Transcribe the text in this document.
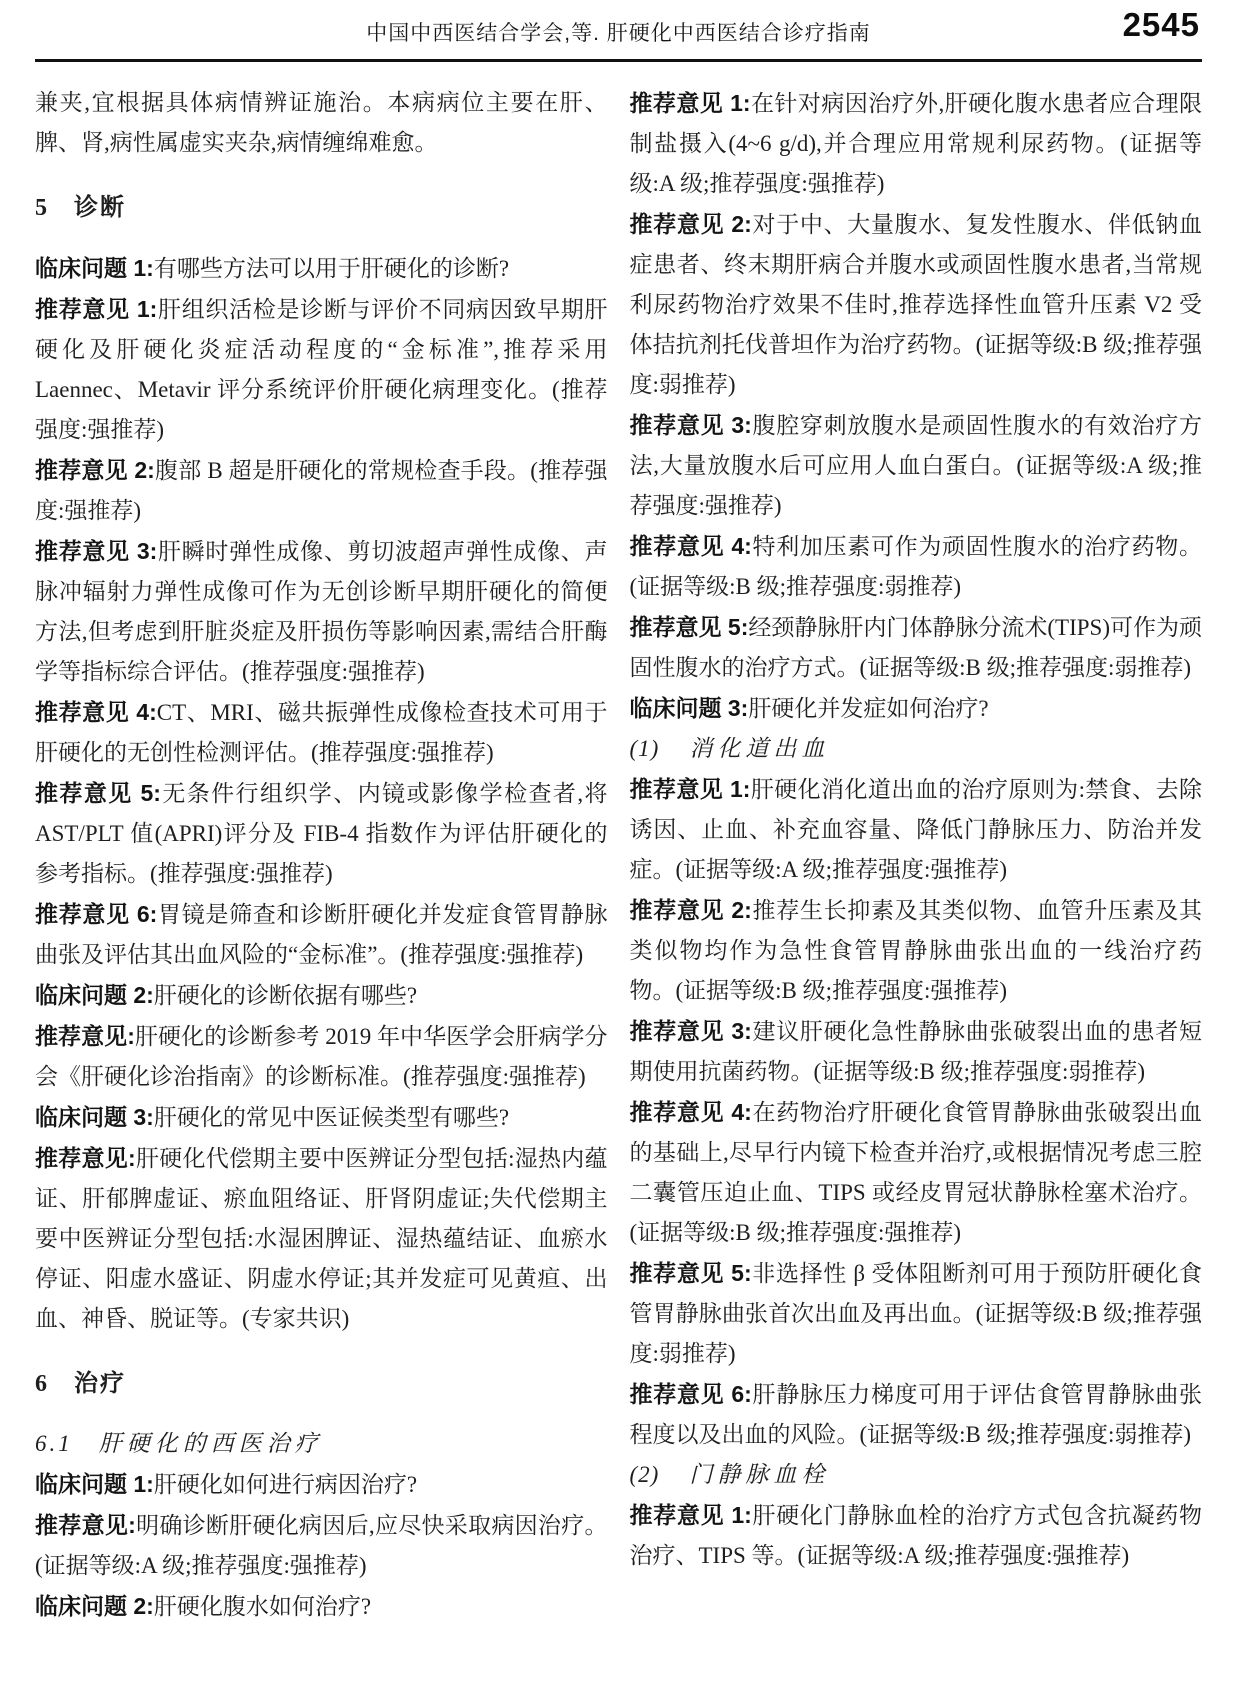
中国中西医结合学会,等. 肝硬化中西医结合诊疗指南	2545

兼夹,宜根据具体病情辨证施治。本病病位主要在肝、脾、肾,病性属虚实夹杂,病情缠绵难愈。

5 诊断

临床问题 1:有哪些方法可以用于肝硬化的诊断?

推荐意见 1:肝组织活检是诊断与评价不同病因致早期肝硬化及肝硬化炎症活动程度的“金标准”,推荐采用 Laennec、Metavir 评分系统评价肝硬化病理变化。(推荐强度:强推荐)

推荐意见 2:腹部 B 超是肝硬化的常规检查手段。(推荐强度:强推荐)

推荐意见 3:肝瞬时弹性成像、剪切波超声弹性成像、声脉冲辐射力弹性成像可作为无创诊断早期肝硬化的简便方法,但考虑到肝脏炎症及肝损伤等影响因素,需结合肝酶学等指标综合评估。(推荐强度:强推荐)

推荐意见 4:CT、MRI、磁共振弹性成像检查技术可用于肝硬化的无创性检测评估。(推荐强度:强推荐)

推荐意见 5:无条件行组织学、内镜或影像学检查者,将 AST/PLT 值(APRI)评分及 FIB-4 指数作为评估肝硬化的参考指标。(推荐强度:强推荐)

推荐意见 6:胃镜是筛查和诊断肝硬化并发症食管胃静脉曲张及评估其出血风险的“金标准”。(推荐强度:强推荐)

临床问题 2:肝硬化的诊断依据有哪些?

推荐意见:肝硬化的诊断参考 2019 年中华医学会肝病学分会《肝硬化诊治指南》的诊断标准。(推荐强度:强推荐)

临床问题 3:肝硬化的常见中医证候类型有哪些?

推荐意见:肝硬化代偿期主要中医辨证分型包括:湿热内蕴证、肝郁脾虚证、瘀血阻络证、肝肾阴虚证;失代偿期主要中医辨证分型包括:水湿困脾证、湿热蕴结证、血瘀水停证、阳虚水盛证、阴虚水停证;其并发症可见黄疸、出血、神昏、脱证等。(专家共识)

6 治疗

6.1 肝硬化的西医治疗

临床问题 1:肝硬化如何进行病因治疗?

推荐意见:明确诊断肝硬化病因后,应尽快采取病因治疗。(证据等级:A 级;推荐强度:强推荐)

临床问题 2:肝硬化腹水如何治疗?

推荐意见 1:在针对病因治疗外,肝硬化腹水患者应合理限制盐摄入(4~6 g/d),并合理应用常规利尿药物。(证据等级:A 级;推荐强度:强推荐)

推荐意见 2:对于中、大量腹水、复发性腹水、伴低钠血症患者、终末期肝病合并腹水或顽固性腹水患者,当常规利尿药物治疗效果不佳时,推荐选择性血管升压素 V2 受体拮抗剂托伐普坦作为治疗药物。(证据等级:B 级;推荐强度:弱推荐)

推荐意见 3:腹腔穿刺放腹水是顽固性腹水的有效治疗方法,大量放腹水后可应用人血白蛋白。(证据等级:A 级;推荐强度:强推荐)

推荐意见 4:特利加压素可作为顽固性腹水的治疗药物。(证据等级:B 级;推荐强度:弱推荐)

推荐意见 5:经颈静脉肝内门体静脉分流术(TIPS)可作为顽固性腹水的治疗方式。(证据等级:B 级;推荐强度:弱推荐)

临床问题 3:肝硬化并发症如何治疗?

(1) 消化道出血

推荐意见 1:肝硬化消化道出血的治疗原则为:禁食、去除诱因、止血、补充血容量、降低门静脉压力、防治并发症。(证据等级:A 级;推荐强度:强推荐)

推荐意见 2:推荐生长抑素及其类似物、血管升压素及其类似物均作为急性食管胃静脉曲张出血的一线治疗药物。(证据等级:B 级;推荐强度:强推荐)

推荐意见 3:建议肝硬化急性静脉曲张破裂出血的患者短期使用抗菌药物。(证据等级:B 级;推荐强度:弱推荐)

推荐意见 4:在药物治疗肝硬化食管胃静脉曲张破裂出血的基础上,尽早行内镜下检查并治疗,或根据情况考虑三腔二囊管压迫止血、TIPS 或经皮胃冠状静脉栓塞术治疗。(证据等级:B 级;推荐强度:强推荐)

推荐意见 5:非选择性 β 受体阻断剂可用于预防肝硬化食管胃静脉曲张首次出血及再出血。(证据等级:B 级;推荐强度:弱推荐)

推荐意见 6:肝静脉压力梯度可用于评估食管胃静脉曲张程度以及出血的风险。(证据等级:B 级;推荐强度:弱推荐)

(2) 门静脉血栓

推荐意见 1:肝硬化门静脉血栓的治疗方式包含抗凝药物治疗、TIPS 等。(证据等级:A 级;推荐强度:强推荐)
